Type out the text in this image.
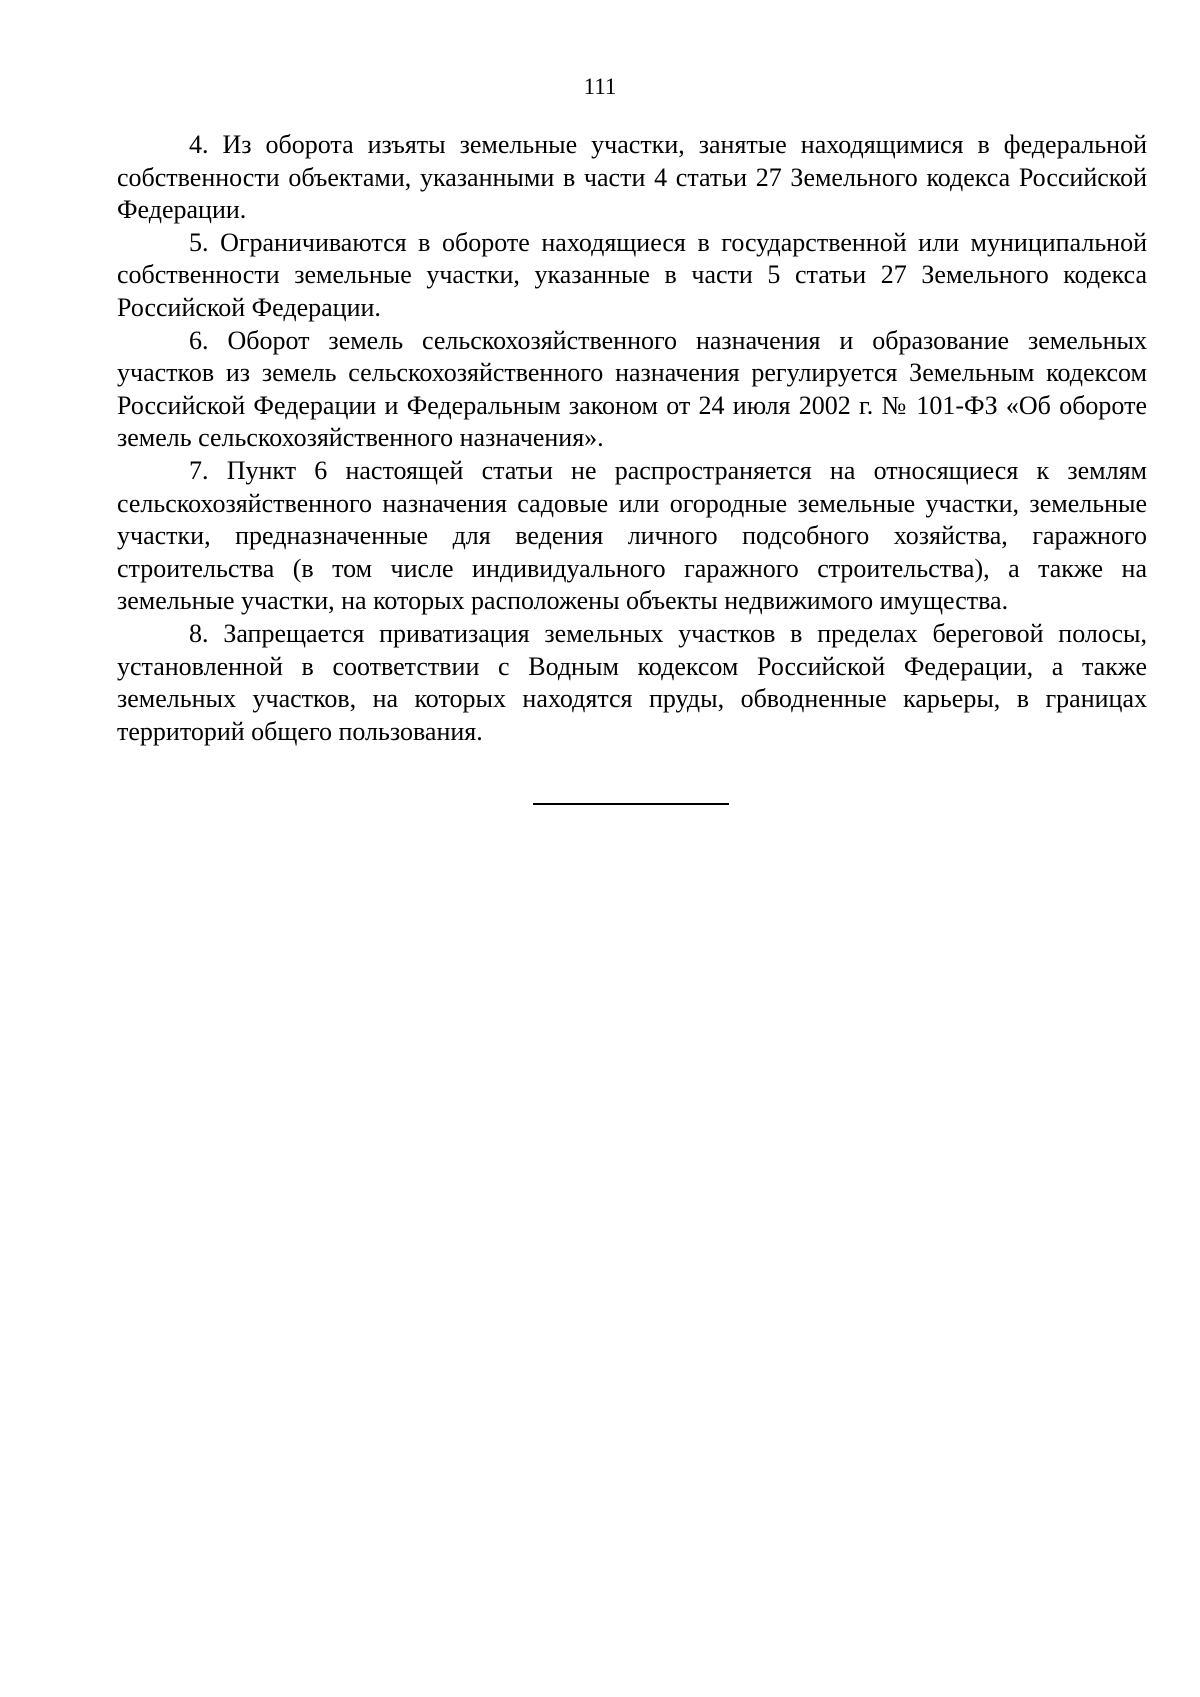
111

4. Из оборота изъяты земельные участки, занятые находящимися в федеральной собственности объектами, указанными в части 4 статьи 27 Земельного кодекса Российской Федерации.

5. Ограничиваются в обороте находящиеся в государственной или муниципальной собственности земельные участки, указанные в части 5 статьи 27 Земельного кодекса Российской Федерации.

6. Оборот земель сельскохозяйственного назначения и образование земельных участков из земель сельскохозяйственного назначения регулируется Земельным кодексом Российской Федерации и Федеральным законом от 24 июля 2002 г. № 101-ФЗ «Об обороте земель сельскохозяйственного назначения».

7. Пункт 6 настоящей статьи не распространяется на относящиеся к землям сельскохозяйственного назначения садовые или огородные земельные участки, земельные участки, предназначенные для ведения личного подсобного хозяйства, гаражного строительства (в том числе индивидуального гаражного строительства), а также на земельные участки, на которых расположены объекты недвижимого имущества.

8. Запрещается приватизация земельных участков в пределах береговой полосы, установленной в соответствии с Водным кодексом Российской Федерации, а также земельных участков, на которых находятся пруды, обводненные карьеры, в границах территорий общего пользования.
